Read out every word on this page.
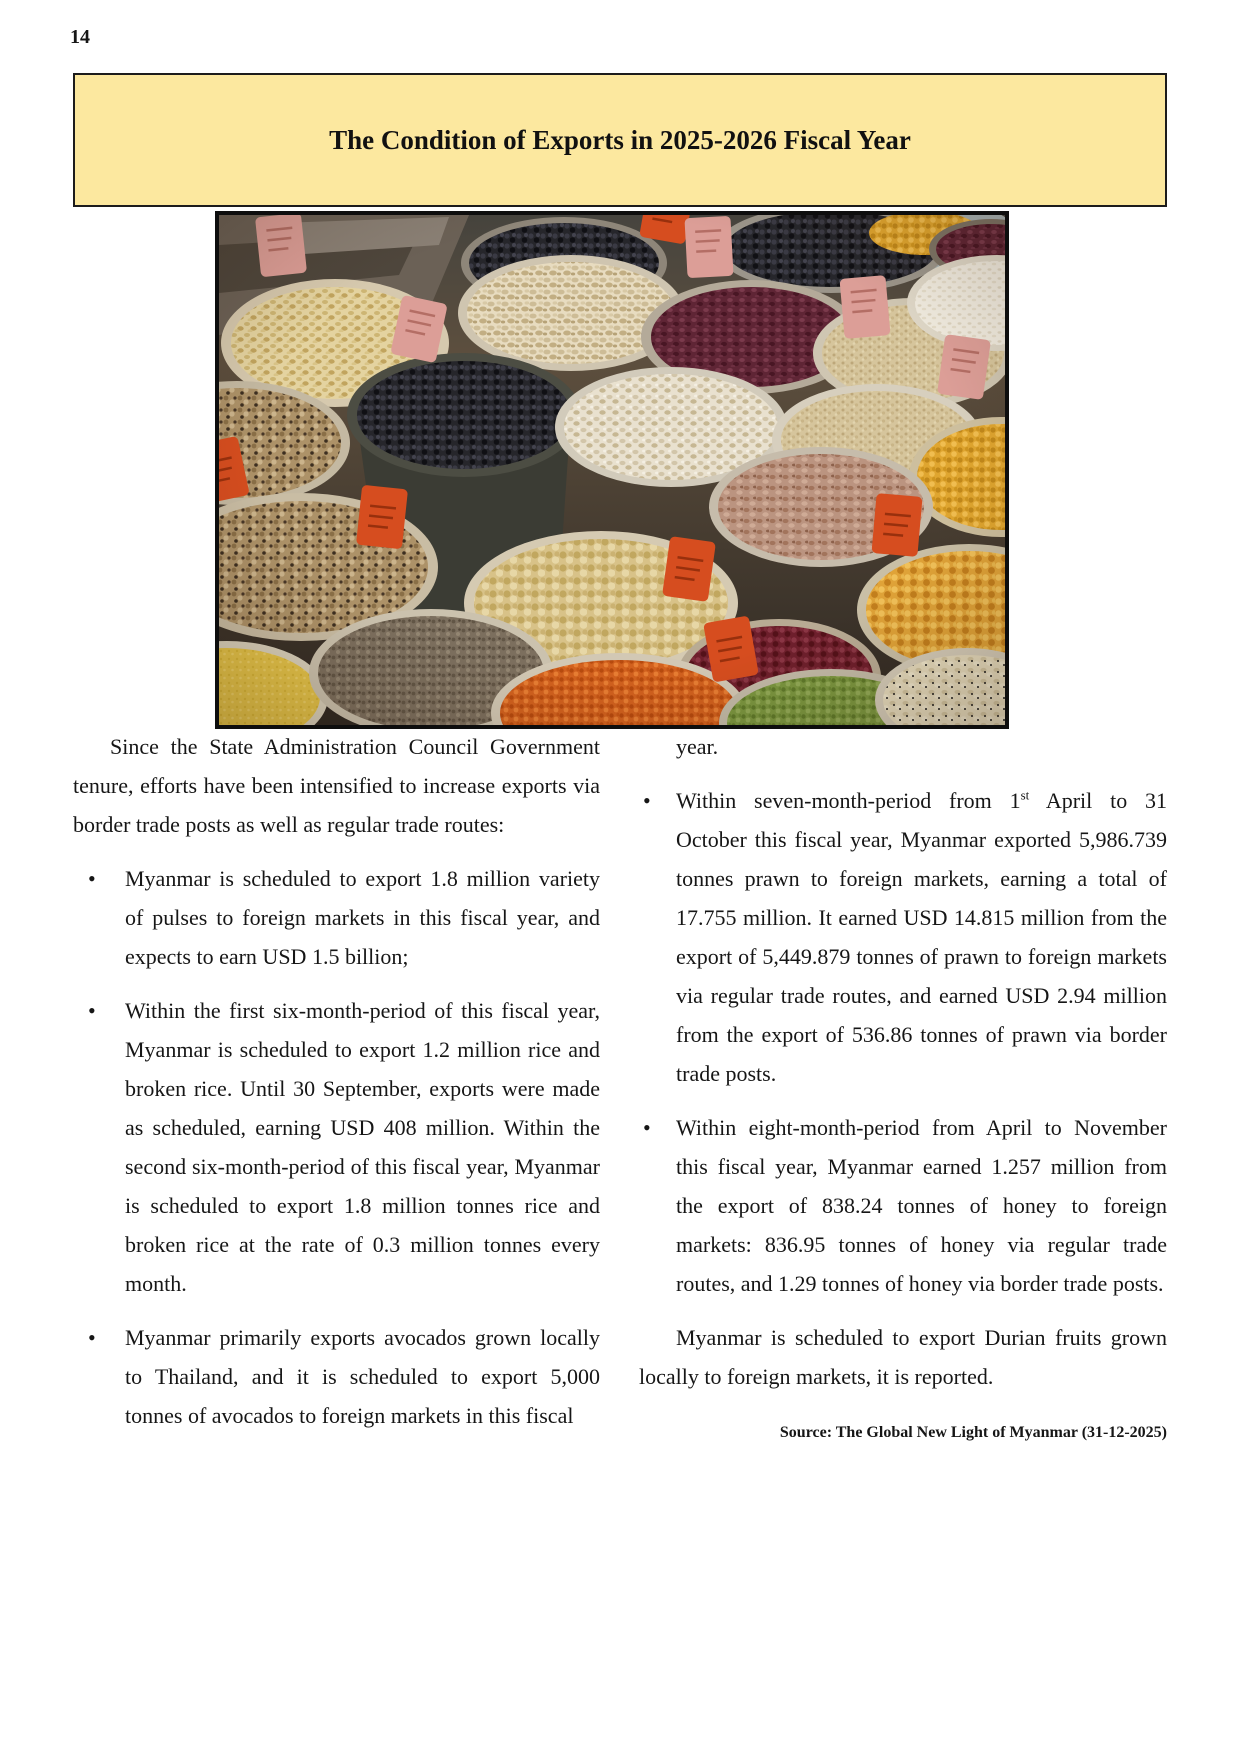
14
The Condition of Exports in 2025-2026 Fiscal Year

Since the State Administration Council Government tenure, efforts have been intensified to increase exports via border trade posts as well as regular trade routes:

• Myanmar is scheduled to export 1.8 million variety of pulses to foreign markets in this fiscal year, and expects to earn USD 1.5 billion;

• Within the first six-month-period of this fiscal year, Myanmar is scheduled to export 1.2 million rice and broken rice. Until 30 September, exports were made as scheduled, earning USD 408 million. Within the second six-month-period of this fiscal year, Myanmar is scheduled to export 1.8 million tonnes rice and broken rice at the rate of 0.3 million tonnes every month.

• Myanmar primarily exports avocados grown locally to Thailand, and it is scheduled to export 5,000 tonnes of avocados to foreign markets in this fiscal

year.

• Within seven-month-period from 1st April to 31 October this fiscal year, Myanmar exported 5,986.739 tonnes prawn to foreign markets, earning a total of 17.755 million. It earned USD 14.815 million from the export of 5,449.879 tonnes of prawn to foreign markets via regular trade routes, and earned USD 2.94 million from the export of 536.86 tonnes of prawn via border trade posts.

• Within eight-month-period from April to November this fiscal year, Myanmar earned 1.257 million from the export of 838.24 tonnes of honey to foreign markets: 836.95 tonnes of honey via regular trade routes, and 1.29 tonnes of honey via border trade posts.

Myanmar is scheduled to export Durian fruits grown locally to foreign markets, it is reported.

Source: The Global New Light of Myanmar (31-12-2025)
